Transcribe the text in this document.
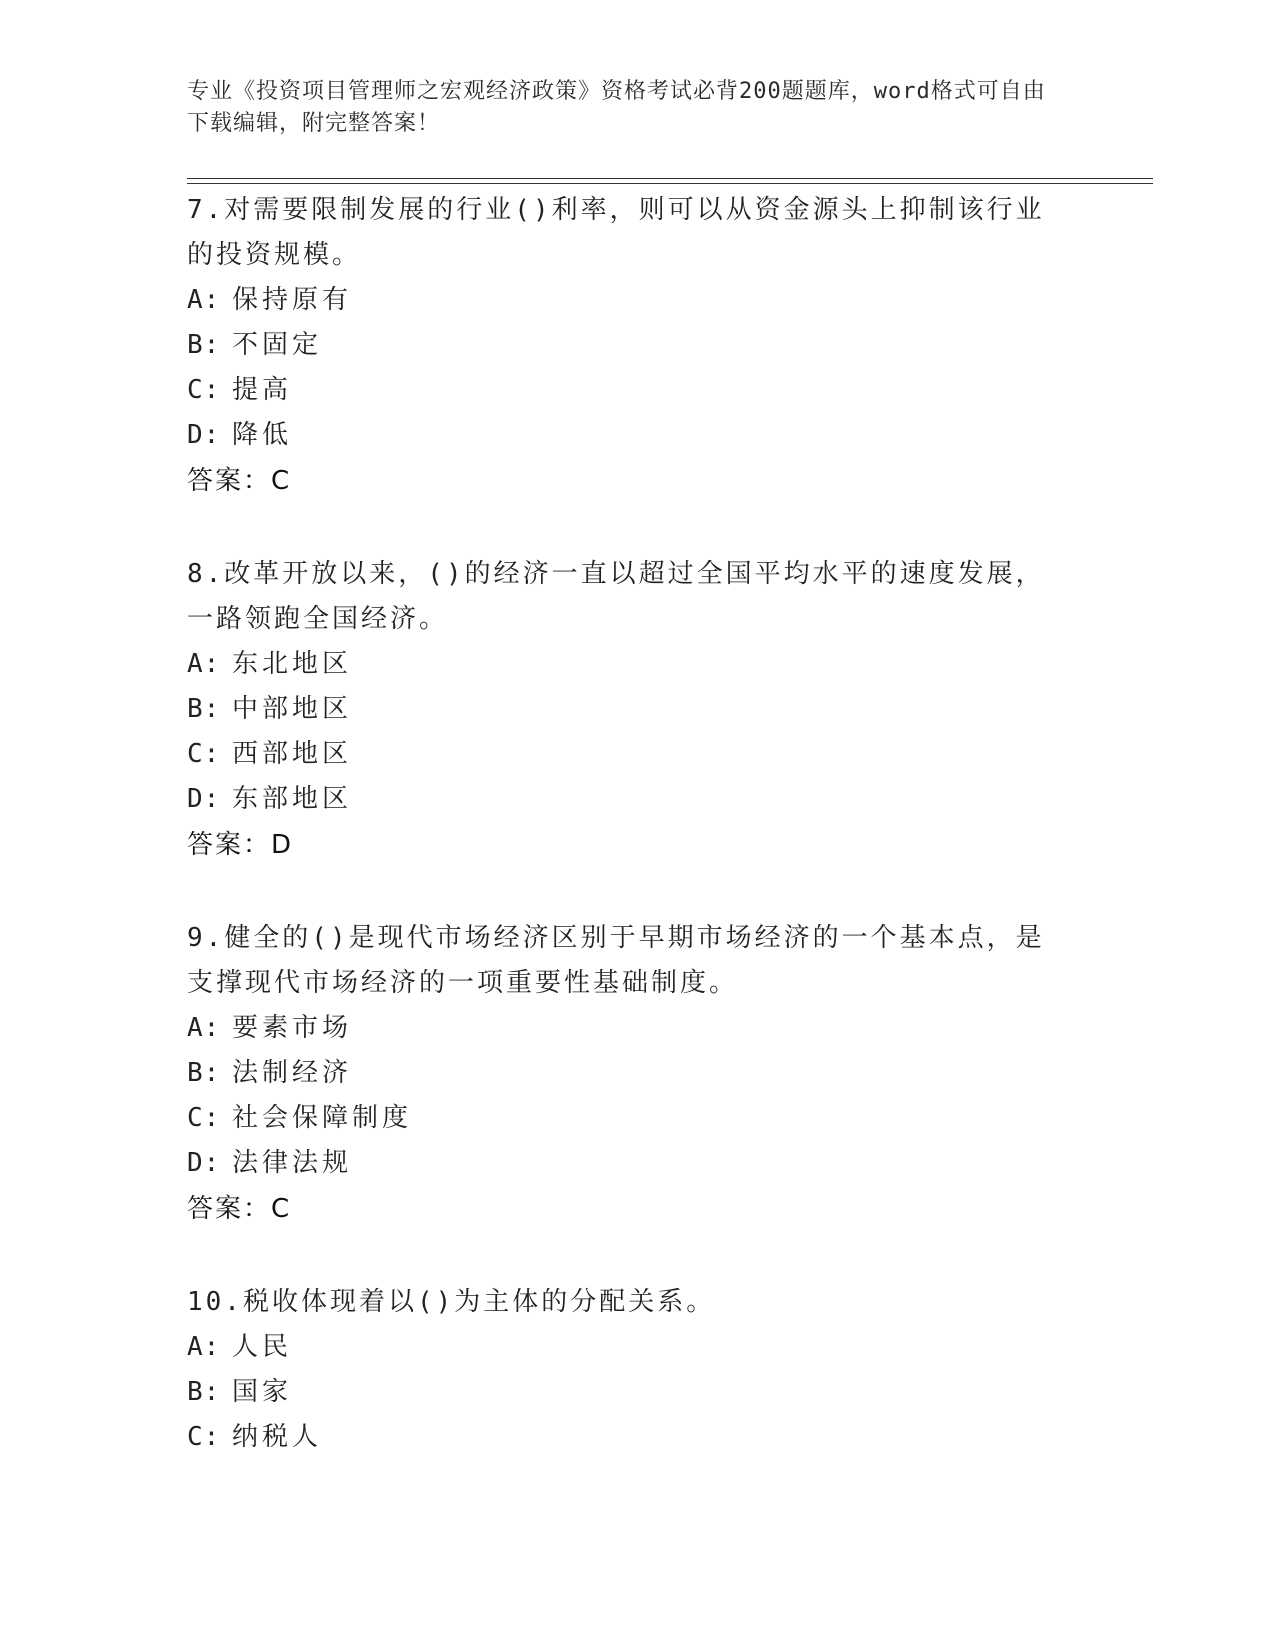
专业《投资项目管理师之宏观经济政策》资格考试必背200题题库，word格式可自由下载编辑，附完整答案！
7.对需要限制发展的行业()利率，则可以从资金源头上抑制该行业的投资规模。
A: 保持原有
B: 不固定
C: 提高
D: 降低
答案：C
8.改革开放以来，()的经济一直以超过全国平均水平的速度发展，一路领跑全国经济。
A: 东北地区
B: 中部地区
C: 西部地区
D: 东部地区
答案：D
9.健全的()是现代市场经济区别于早期市场经济的一个基本点，是支撑现代市场经济的一项重要性基础制度。
A: 要素市场
B: 法制经济
C: 社会保障制度
D: 法律法规
答案：C
10.税收体现着以()为主体的分配关系。
A: 人民
B: 国家
C: 纳税人
